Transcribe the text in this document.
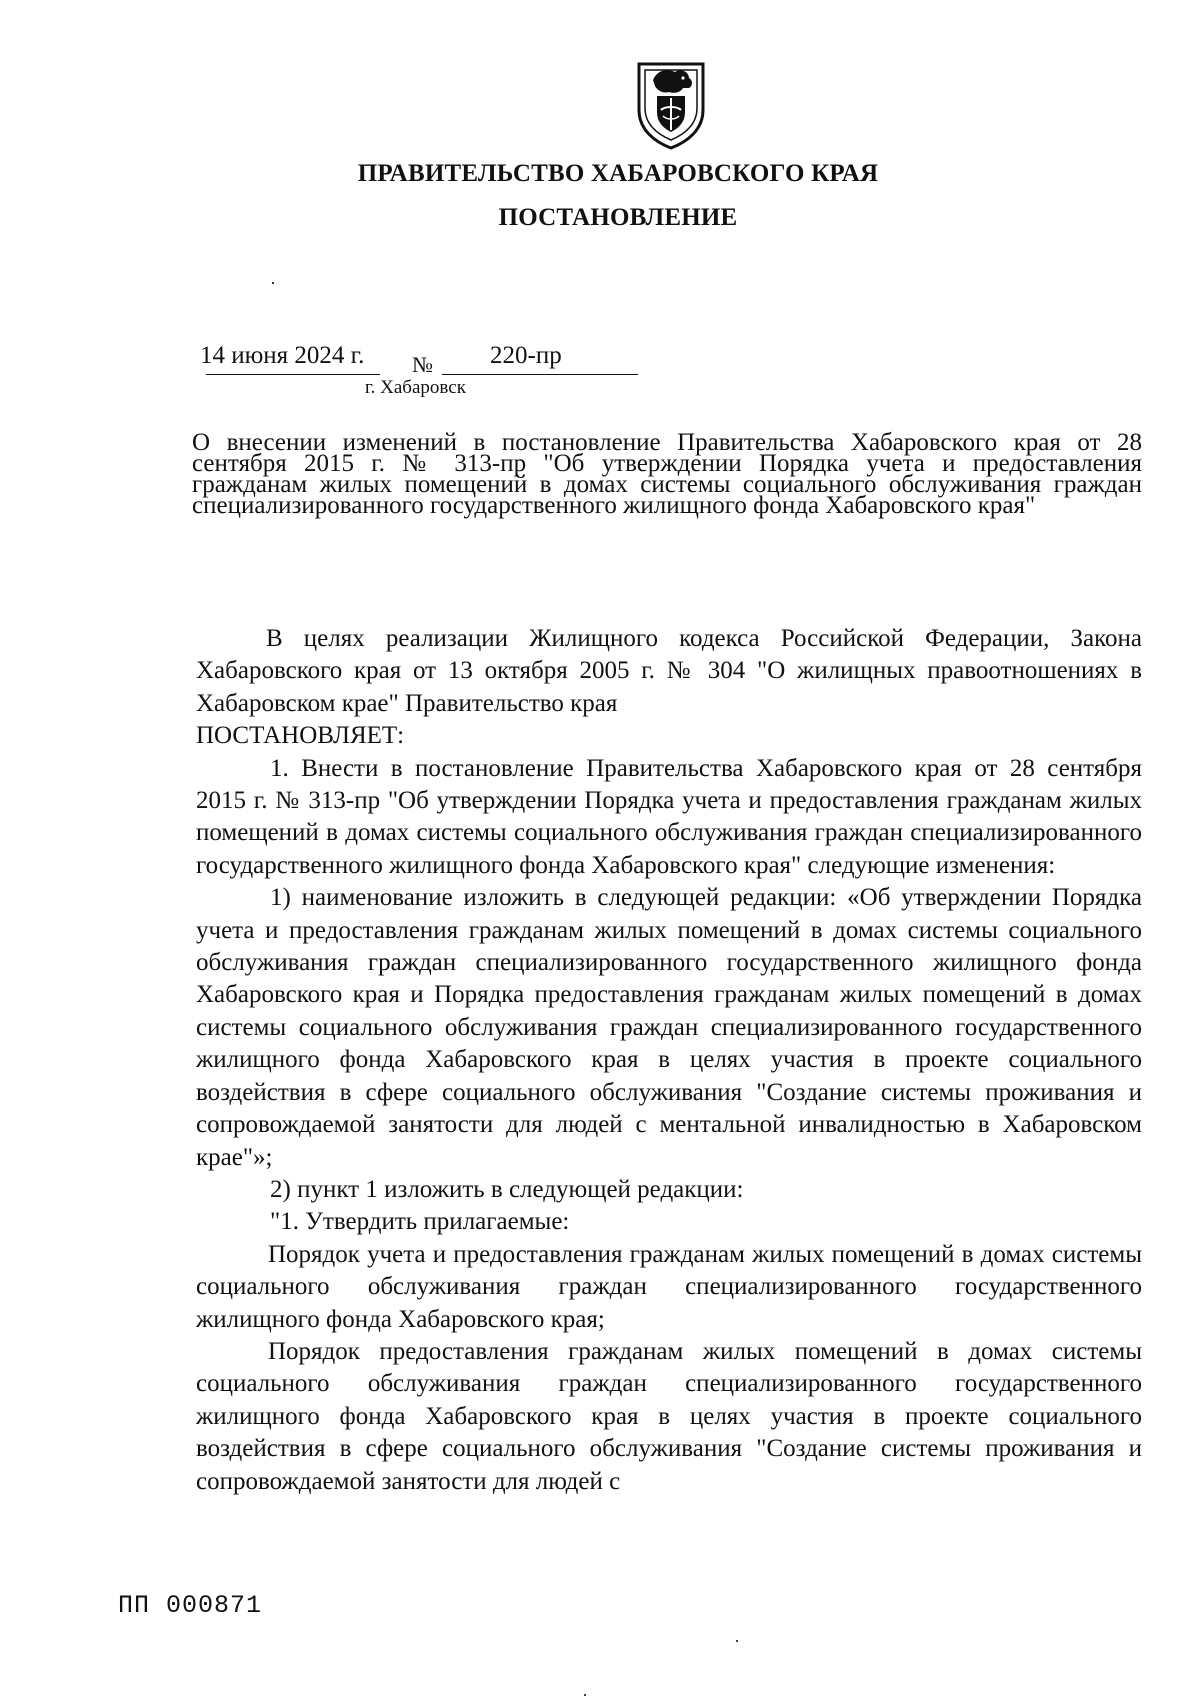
ПРАВИТЕЛЬСТВО ХАБАРОВСКОГО КРАЯ
ПОСТАНОВЛЕНИЕ
14 июня 2024 г. № 220-пр
г. Хабаровск
О внесении изменений в постановление Правительства Хабаровского края от 28 сентября 2015 г. № 313-пр "Об утверждении Порядка учета и предоставления гражданам жилых помещений в домах системы социального обслуживания граждан специализированного государственного жилищного фонда Хабаровского края"

В целях реализации Жилищного кодекса Российской Федерации, Закона Хабаровского края от 13 октября 2005 г. № 304 "О жилищных правоотношениях в Хабаровском крае" Правительство края

ПОСТАНОВЛЯЕТ:

1. Внести в постановление Правительства Хабаровского края от 28 сентября 2015 г. № 313-пр "Об утверждении Порядка учета и предоставления гражданам жилых помещений в домах системы социального обслуживания граждан специализированного государственного жилищного фонда Хабаровского края" следующие изменения:

1) наименование изложить в следующей редакции: «Об утверждении Порядка учета и предоставления гражданам жилых помещений в домах системы социального обслуживания граждан специализированного государственного жилищного фонда Хабаровского края и Порядка предоставления гражданам жилых помещений в домах системы социального обслуживания граждан специализированного государственного жилищного фонда Хабаровского края в целях участия в проекте социального воздействия в сфере социального обслуживания "Создание системы проживания и сопровождаемой занятости для людей с ментальной инвалидностью в Хабаровском крае"»;

2) пункт 1 изложить в следующей редакции:

"1. Утвердить прилагаемые:

Порядок учета и предоставления гражданам жилых помещений в домах системы социального обслуживания граждан специализированного государственного жилищного фонда Хабаровского края;

Порядок предоставления гражданам жилых помещений в домах системы социального обслуживания граждан специализированного государственного жилищного фонда Хабаровского края в целях участия в проекте социального воздействия в сфере социального обслуживания "Создание системы проживания и сопровождаемой занятости для людей с

ПП 000871
